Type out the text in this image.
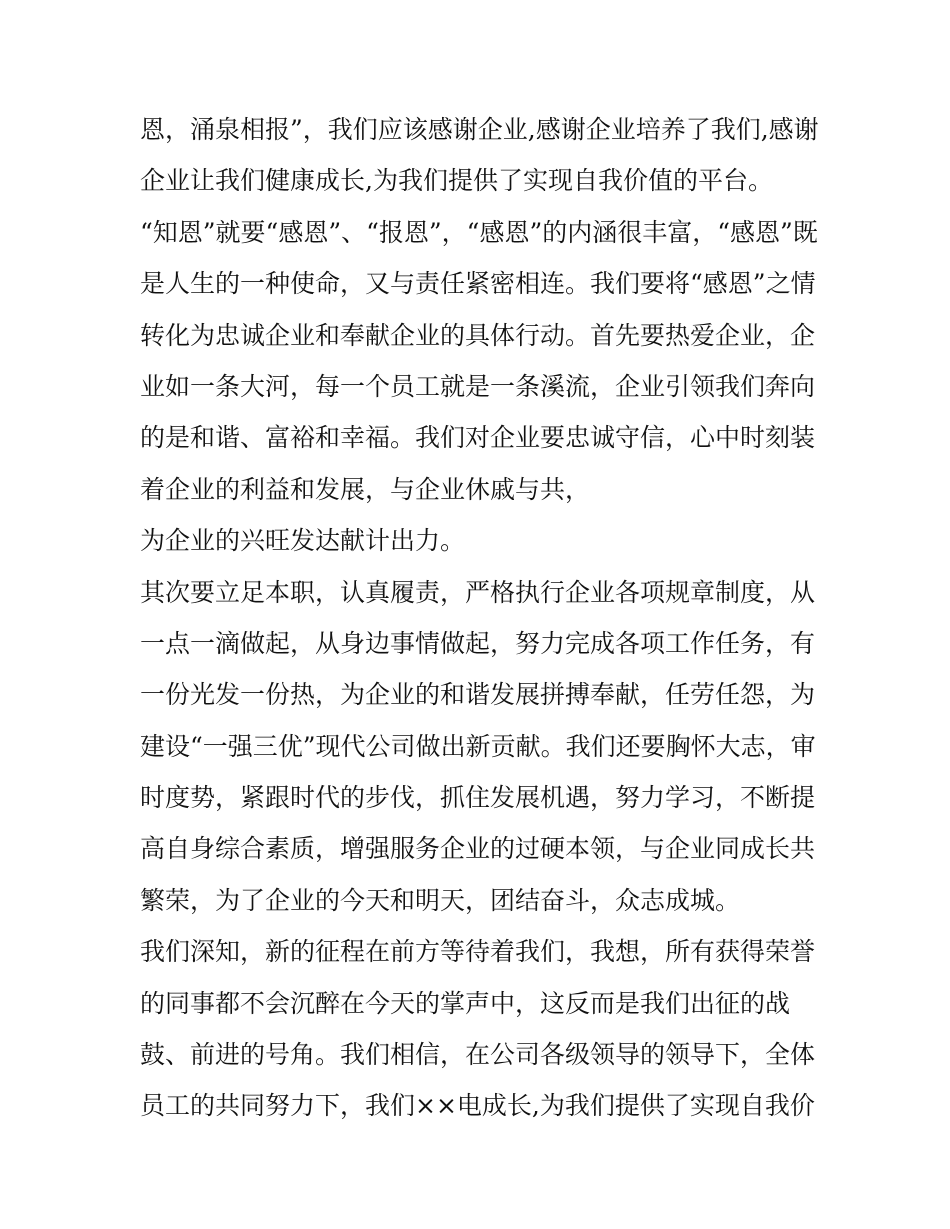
恩，涌泉相报”，我们应该感谢企业,感谢企业培养了我们,感谢
企业让我们健康成长,为我们提供了实现自我价值的平台。
“知恩”就要“感恩”、“报恩”，“感恩”的内涵很丰富，“感恩”既
是人生的一种使命，又与责任紧密相连。我们要将“感恩”之情
转化为忠诚企业和奉献企业的具体行动。首先要热爱企业，企
业如一条大河，每一个员工就是一条溪流，企业引领我们奔向
的是和谐、富裕和幸福。我们对企业要忠诚守信，心中时刻装
着企业的利益和发展，与企业休戚与共，
为企业的兴旺发达献计出力。
其次要立足本职，认真履责，严格执行企业各项规章制度，从
一点一滴做起，从身边事情做起，努力完成各项工作任务，有
一份光发一份热，为企业的和谐发展拼搏奉献，任劳任怨，为
建设“一强三优”现代公司做出新贡献。我们还要胸怀大志，审
时度势，紧跟时代的步伐，抓住发展机遇，努力学习，不断提
高自身综合素质，增强服务企业的过硬本领，与企业同成长共
繁荣，为了企业的今天和明天，团结奋斗，众志成城。
我们深知，新的征程在前方等待着我们，我想，所有获得荣誉
的同事都不会沉醉在今天的掌声中，这反而是我们出征的战
鼓、前进的号角。我们相信，在公司各级领导的领导下，全体
员工的共同努力下，我们××电成长,为我们提供了实现自我价
